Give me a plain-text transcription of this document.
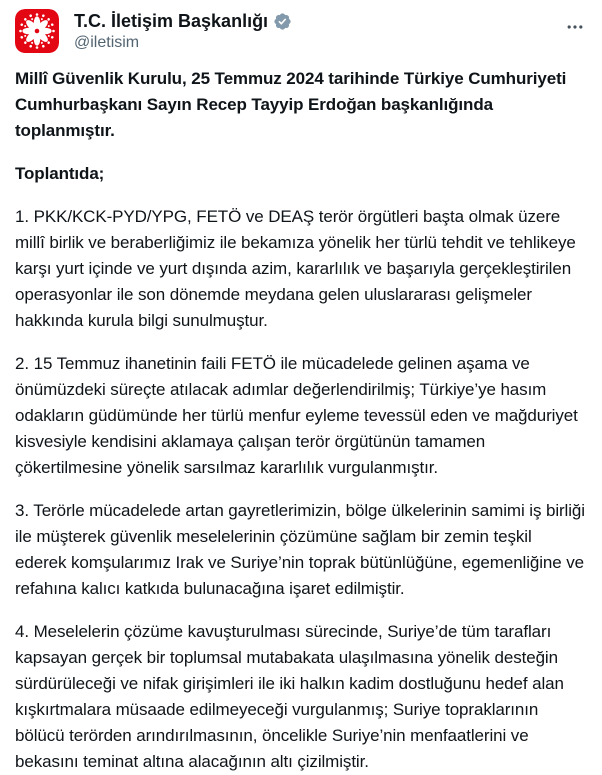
T.C. İletişim Başkanlığı
@iletisim

Millî Güvenlik Kurulu, 25 Temmuz 2024 tarihinde Türkiye Cumhuriyeti Cumhurbaşkanı Sayın Recep Tayyip Erdoğan başkanlığında toplanmıştır.

Toplantıda;

1. PKK/KCK-PYD/YPG, FETÖ ve DEAŞ terör örgütleri başta olmak üzere millî birlik ve beraberliğimiz ile bekamıza yönelik her türlü tehdit ve tehlikeye karşı yurt içinde ve yurt dışında azim, kararlılık ve başarıyla gerçekleştirilen operasyonlar ile son dönemde meydana gelen uluslararası gelişmeler hakkında kurula bilgi sunulmuştur.

2. 15 Temmuz ihanetinin faili FETÖ ile mücadelede gelinen aşama ve önümüzdeki süreçte atılacak adımlar değerlendirilmiş; Türkiye’ye hasım odakların güdümünde her türlü menfur eyleme tevessül eden ve mağduriyet kisvesiyle kendisini aklamaya çalışan terör örgütünün tamamen çökertilmesine yönelik sarsılmaz kararlılık vurgulanmıştır.

3. Terörle mücadelede artan gayretlerimizin, bölge ülkelerinin samimi iş birliği ile müşterek güvenlik meselelerinin çözümüne sağlam bir zemin teşkil ederek komşularımız Irak ve Suriye’nin toprak bütünlüğüne, egemenliğine ve refahına kalıcı katkıda bulunacağına işaret edilmiştir.

4. Meselelerin çözüme kavuşturulması sürecinde, Suriye’de tüm tarafları kapsayan gerçek bir toplumsal mutabakata ulaşılmasına yönelik desteğin sürdürüleceği ve nifak girişimleri ile iki halkın kadim dostluğunu hedef alan kışkırtmalara müsaade edilmeyeceği vurgulanmış; Suriye topraklarının bölücü terörden arındırılmasının, öncelikle Suriye’nin menfaatlerini ve bekasını teminat altına alacağının altı çizilmiştir.
